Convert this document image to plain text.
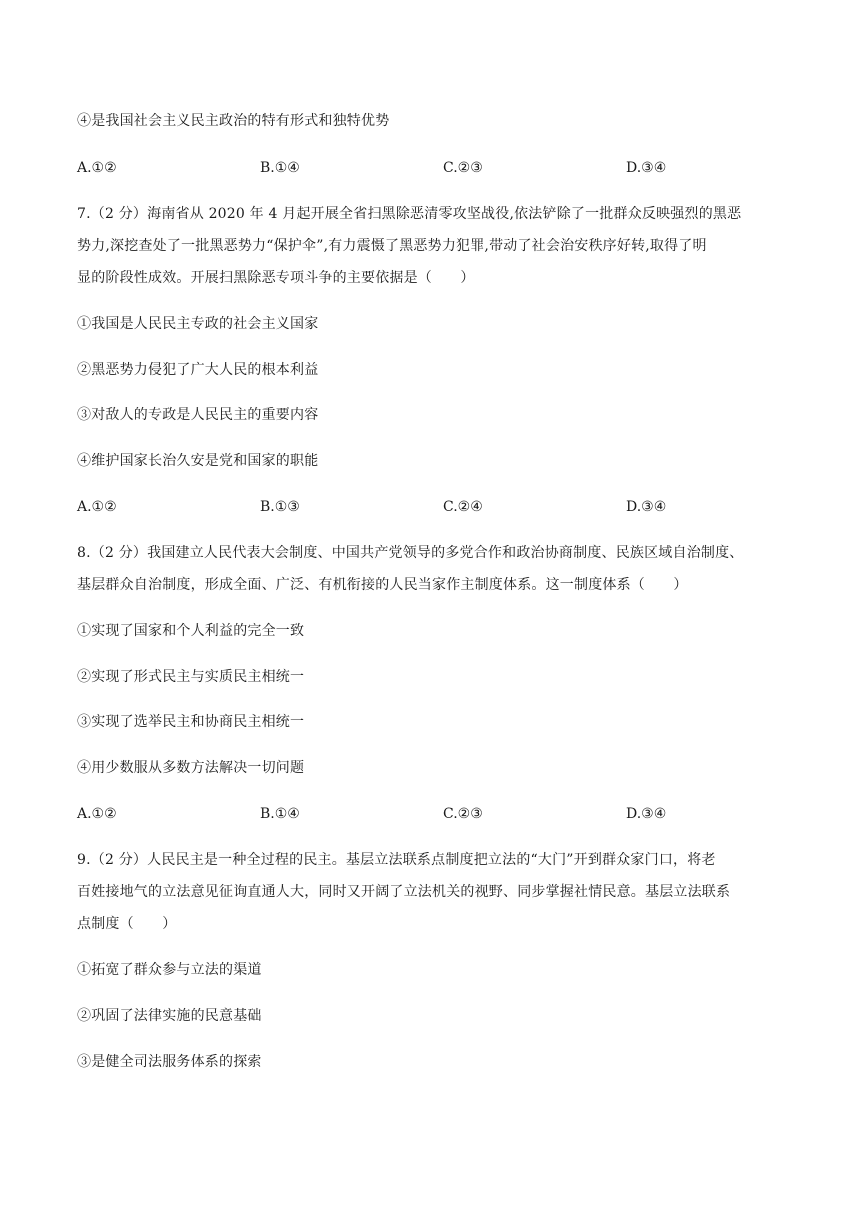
④是我国社会主义民主政治的特有形式和独特优势
A.①②	B.①④	C.②③	D.③④
7.（2 分）海南省从 2020 年 4 月起开展全省扫黑除恶清零攻坚战役,依法铲除了一批群众反映强烈的黑恶
势力,深挖查处了一批黑恶势力“保护伞”,有力震慑了黑恶势力犯罪,带动了社会治安秩序好转,取得了明
显的阶段性成效。开展扫黑除恶专项斗争的主要依据是（　　）
①我国是人民民主专政的社会主义国家
②黑恶势力侵犯了广大人民的根本利益
③对敌人的专政是人民民主的重要内容
④维护国家长治久安是党和国家的职能
A.①②	B.①③	C.②④	D.③④
8.（2 分）我国建立人民代表大会制度、中国共产党领导的多党合作和政治协商制度、民族区域自治制度、
基层群众自治制度，形成全面、广泛、有机衔接的人民当家作主制度体系。这一制度体系（　　）
①实现了国家和个人利益的完全一致
②实现了形式民主与实质民主相统一
③实现了选举民主和协商民主相统一
④用少数服从多数方法解决一切问题
A.①②	B.①④	C.②③	D.③④
9.（2 分）人民民主是一种全过程的民主。基层立法联系点制度把立法的“大门”开到群众家门口，将老
百姓接地气的立法意见征询直通人大，同时又开阔了立法机关的视野、同步掌握社情民意。基层立法联系
点制度（　　）
①拓宽了群众参与立法的渠道
②巩固了法律实施的民意基础
③是健全司法服务体系的探索
